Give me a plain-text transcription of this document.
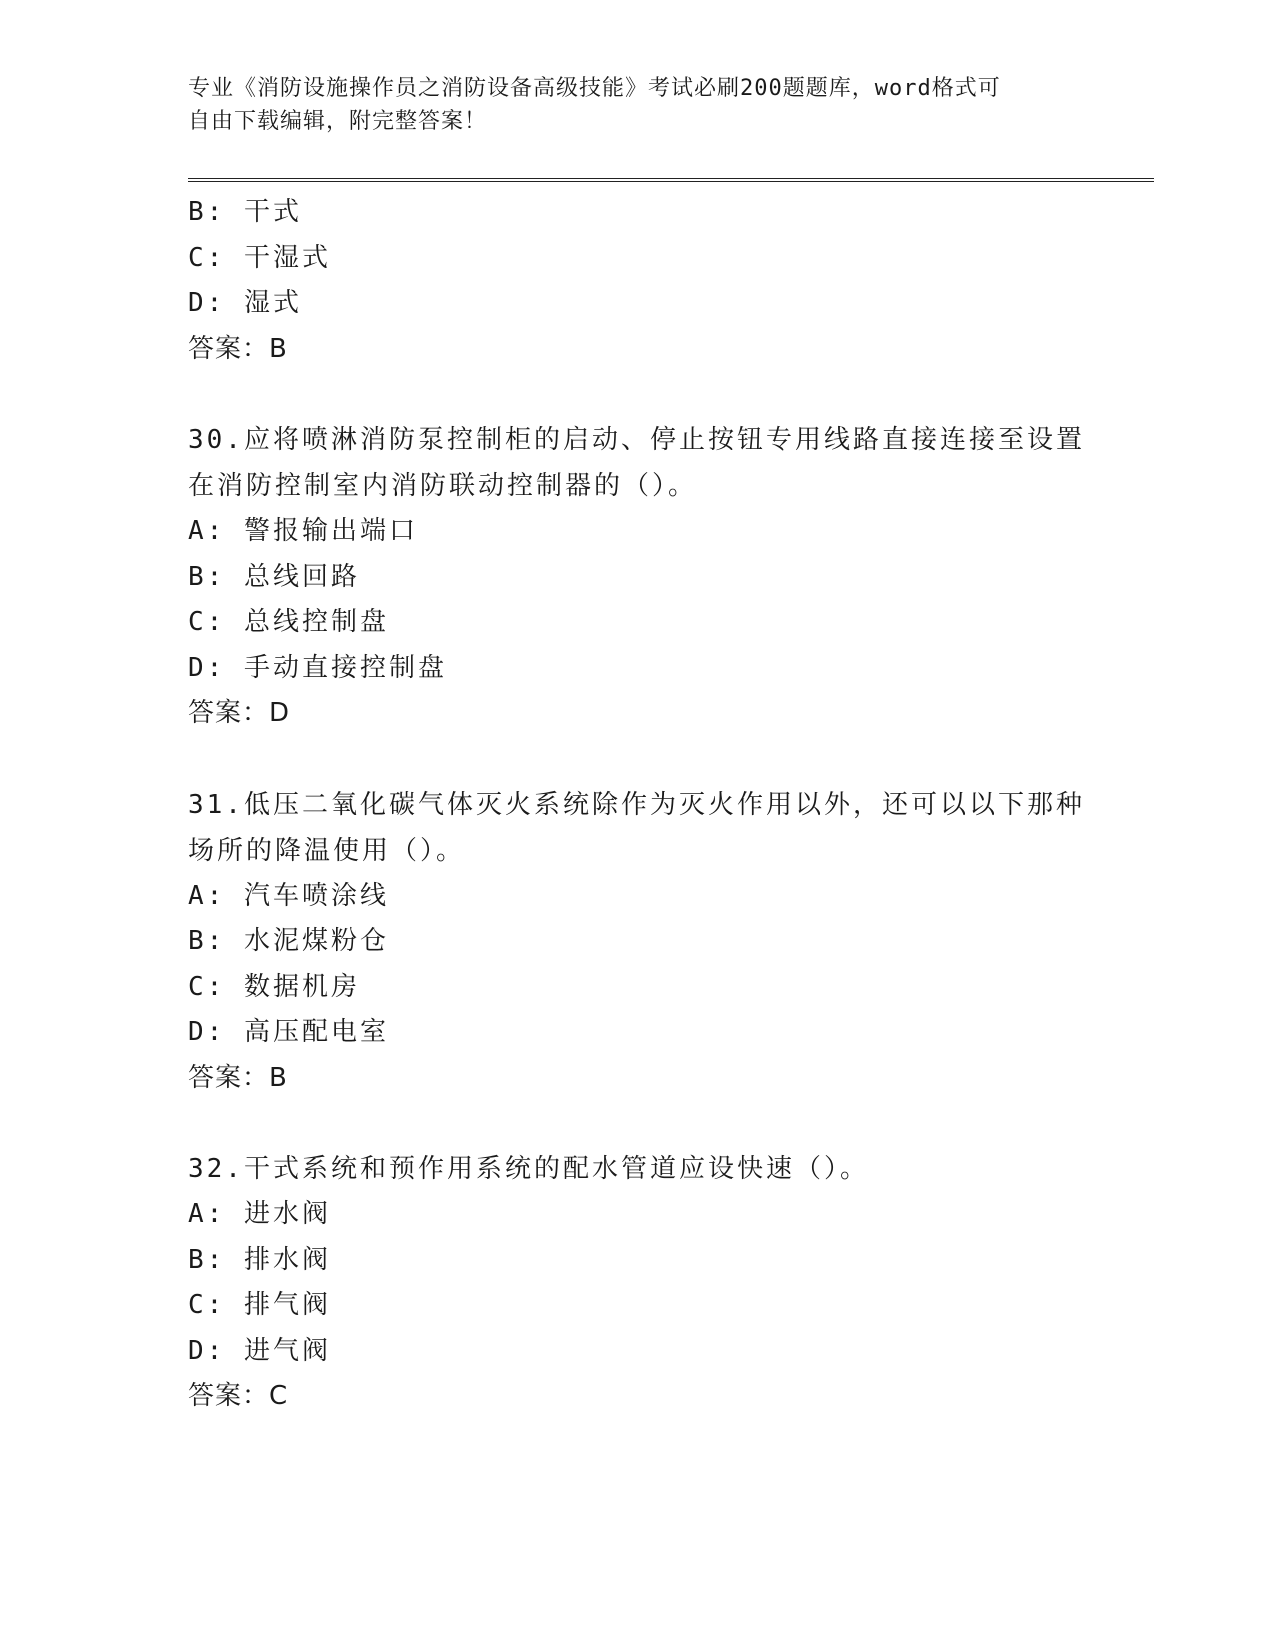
专业《消防设施操作员之消防设备高级技能》考试必刷200题题库，word格式可
自由下载编辑，附完整答案！
B: 干式
C: 干湿式
D: 湿式
答案：B
30.应将喷淋消防泵控制柜的启动、停止按钮专用线路直接连接至设置
在消防控制室内消防联动控制器的（）。
A: 警报输出端口
B: 总线回路
C: 总线控制盘
D: 手动直接控制盘
答案：D
31.低压二氧化碳气体灭火系统除作为灭火作用以外，还可以以下那种
场所的降温使用（）。
A: 汽车喷涂线
B: 水泥煤粉仓
C: 数据机房
D: 高压配电室
答案：B
32.干式系统和预作用系统的配水管道应设快速（）。
A: 进水阀
B: 排水阀
C: 排气阀
D: 进气阀
答案：C
